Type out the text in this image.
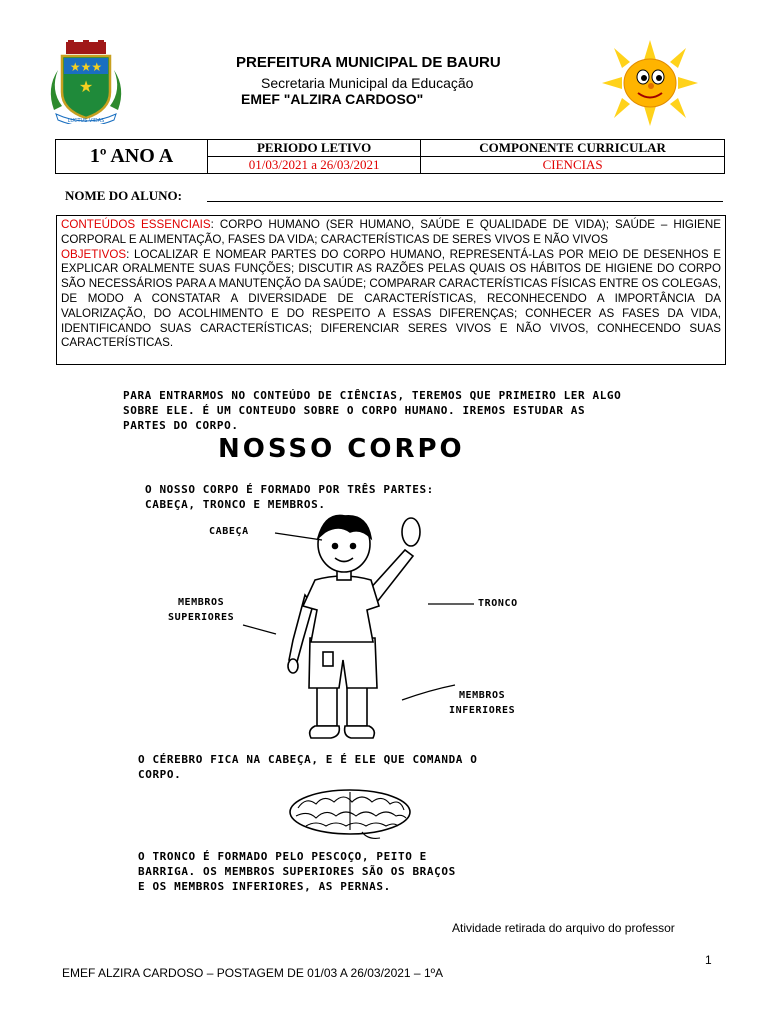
★★★
★
LUCTUS VIDAS
PREFEITURA MUNICIPAL DE BAURU
Secretaria Municipal da Educação
EMEF "ALZIRA CARDOSO"
1º ANO A	PERIODO LETIVO	COMPONENTE CURRICULAR
	01/03/2021 a 26/03/2021	CIENCIAS
NOME DO ALUNO:
CONTEÚDOS ESSENCIAIS: CORPO HUMANO (SER HUMANO, SAÚDE E QUALIDADE DE VIDA); SAÚDE – HIGIENE CORPORAL E ALIMENTAÇÃO, FASES DA VIDA; CARACTERÍSTICAS DE SERES VIVOS E NÃO VIVOS
OBJETIVOS: LOCALIZAR E NOMEAR PARTES DO CORPO HUMANO, REPRESENTÁ-LAS POR MEIO DE DESENHOS E EXPLICAR ORALMENTE SUAS FUNÇÕES; DISCUTIR AS RAZÕES PELAS QUAIS OS HÁBITOS DE HIGIENE DO CORPO SÃO NECESSÁRIOS PARA A MANUTENÇÃO DA SAÚDE; COMPARAR CARACTERÍSTICAS FÍSICAS ENTRE OS COLEGAS, DE MODO A CONSTATAR A DIVERSIDADE DE CARACTERÍSTICAS, RECONHECENDO A IMPORTÂNCIA DA VALORIZAÇÃO, DO ACOLHIMENTO E DO RESPEITO A ESSAS DIFERENÇAS; CONHECER AS FASES DA VIDA, IDENTIFICANDO SUAS CARACTERÍSTICAS; DIFERENCIAR SERES VIVOS E NÃO VIVOS, CONHECENDO SUAS CARACTERÍSTICAS.
PARA ENTRARMOS NO CONTEÚDO DE CIÊNCIAS, TEREMOS QUE PRIMEIRO LER ALGO
SOBRE ELE. É UM CONTEUDO SOBRE O CORPO HUMANO. IREMOS ESTUDAR AS
PARTES DO CORPO.
NOSSO CORPO
O NOSSO CORPO É FORMADO POR TRÊS PARTES:
CABEÇA, TRONCO E MEMBROS.
CABEÇA
TRONCO
MEMBROS
SUPERIORES
MEMBROS
INFERIORES
O CÉREBRO FICA NA CABEÇA, E É ELE QUE COMANDA O
CORPO.
O TRONCO É FORMADO PELO PESCOÇO, PEITO E
BARRIGA. OS MEMBROS SUPERIORES SÃO OS BRAÇOS
E OS MEMBROS INFERIORES, AS PERNAS.
Atividade retirada do arquivo do professor
1
EMEF ALZIRA CARDOSO – POSTAGEM DE 01/03 A 26/03/2021 – 1ºA
